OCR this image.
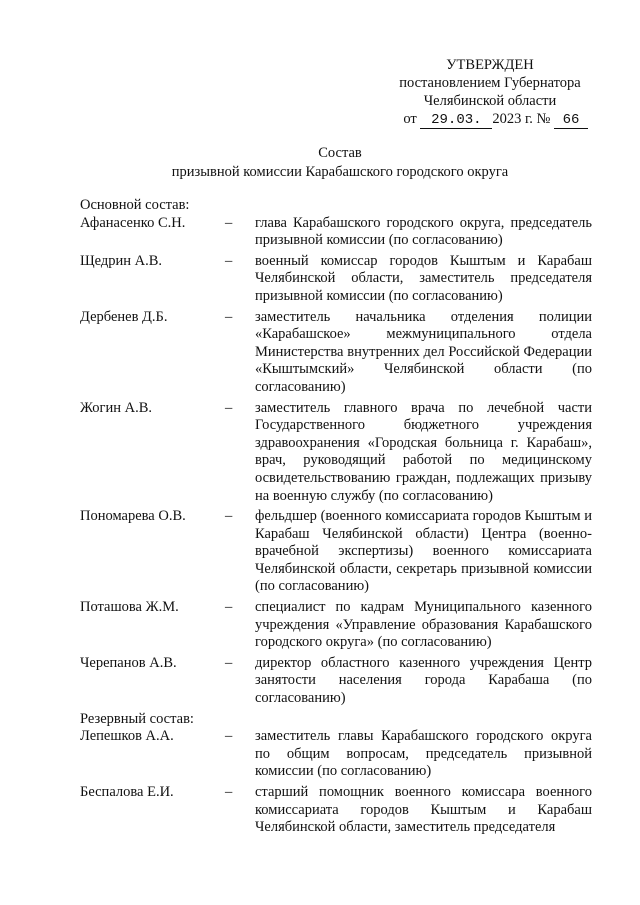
УТВЕРЖДЕН
постановлением Губернатора
Челябинской области
от 29.03. 2023 г. № 66
Состав
призывной комиссии Карабашского городского округа
Основной состав:
Афанасенко С.Н.	–	глава Карабашского городского округа, председатель призывной комиссии (по согласованию)
Щедрин А.В.	–	военный комиссар городов Кыштым и Карабаш Челябинской области, заместитель председателя призывной комиссии (по согласованию)
Дербенев Д.Б.	–	заместитель начальника отделения полиции «Карабашское» межмуниципального отдела Министерства внутренних дел Российской Федерации «Кыштымский» Челябинской области (по согласованию)
Жогин А.В.	–	заместитель главного врача по лечебной части Государственного бюджетного учреждения здравоохранения «Городская больница г. Карабаш», врач, руководящий работой по медицинскому освидетельствованию граждан, подлежащих призыву на военную службу (по согласованию)
Пономарева О.В.	–	фельдшер (военного комиссариата городов Кыштым и Карабаш Челябинской области) Центра (военно-врачебной экспертизы) военного комиссариата Челябинской области, секретарь призывной комиссии (по согласованию)
Поташова Ж.М.	–	специалист по кадрам Муниципального казенного учреждения «Управление образования Карабашского городского округа» (по согласованию)
Черепанов А.В.	–	директор областного казенного учреждения Центр занятости населения города Карабаша (по согласованию)
Резервный состав:
Лепешков А.А.	–	заместитель главы Карабашского городского округа по общим вопросам, председатель призывной комиссии (по согласованию)
Беспалова Е.И.	–	старший помощник военного комиссара военного комиссариата городов Кыштым и Карабаш Челябинской области, заместитель председателя
